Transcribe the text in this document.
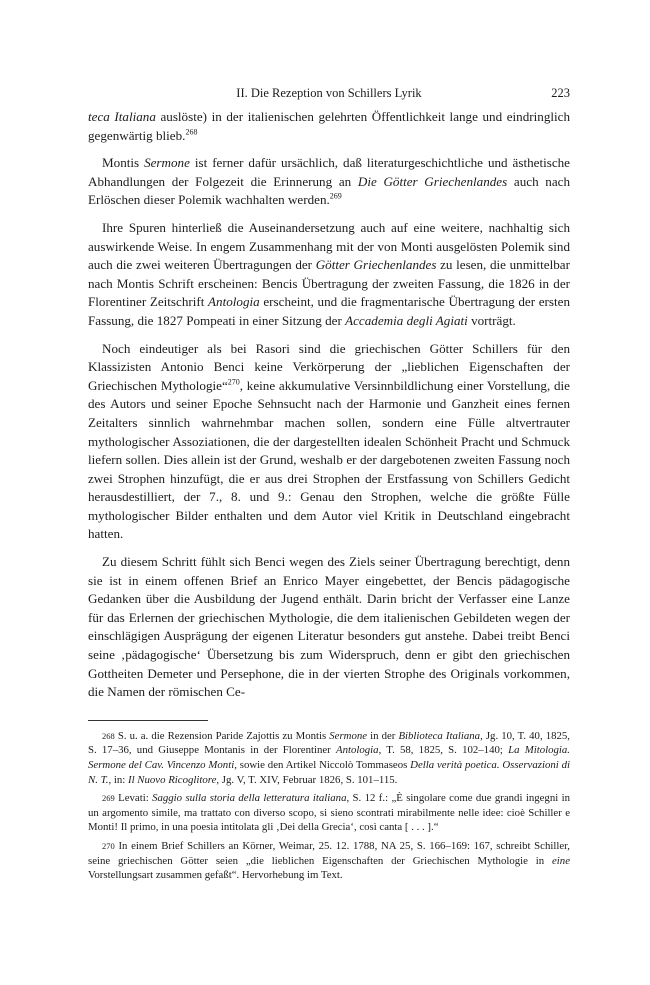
II. Die Rezeption von Schillers Lyrik	223

teca Italiana auslöste) in der italienischen gelehrten Öffentlichkeit lange und eindringlich gegenwärtig blieb.$^{268}$

Montis Sermone ist ferner dafür ursächlich, daß literaturgeschichtliche und ästhetische Abhandlungen der Folgezeit die Erinnerung an Die Götter Griechenlandes auch nach Erlöschen dieser Polemik wachhalten werden.$^{269}$

Ihre Spuren hinterließ die Auseinandersetzung auch auf eine weitere, nachhaltig sich auswirkende Weise. In engem Zusammenhang mit der von Monti ausgelösten Polemik sind auch die zwei weiteren Übertragungen der Götter Griechenlandes zu lesen, die unmittelbar nach Montis Schrift erscheinen: Bencis Übertragung der zweiten Fassung, die 1826 in der Florentiner Zeitschrift Antologia erscheint, und die fragmentarische Übertragung der ersten Fassung, die 1827 Pompeati in einer Sitzung der Accademia degli Agiati vorträgt.

Noch eindeutiger als bei Rasori sind die griechischen Götter Schillers für den Klassizisten Antonio Benci keine Verkörperung der „lieblichen Eigenschaften der Griechischen Mythologie“$^{270}$, keine akkumulative Versinnbildlichung einer Vorstellung, die des Autors und seiner Epoche Sehnsucht nach der Harmonie und Ganzheit eines fernen Zeitalters sinnlich wahrnehmbar machen sollen, sondern eine Fülle altvertrauter mythologischer Assoziationen, die der dargestellten idealen Schönheit Pracht und Schmuck liefern sollen. Dies allein ist der Grund, weshalb er der dargebotenen zweiten Fassung noch zwei Strophen hinzufügt, die er aus drei Strophen der Erstfassung von Schillers Gedicht herausdestilliert, der 7., 8. und 9.: Genau den Strophen, welche die größte Fülle mythologischer Bilder enthalten und dem Autor viel Kritik in Deutschland eingebracht hatten.

Zu diesem Schritt fühlt sich Benci wegen des Ziels seiner Übertragung berechtigt, denn sie ist in einem offenen Brief an Enrico Mayer eingebettet, der Bencis pädagogische Gedanken über die Ausbildung der Jugend enthält. Darin bricht der Verfasser eine Lanze für das Erlernen der griechischen Mythologie, die dem italienischen Gebildeten wegen der einschlägigen Ausprägung der eigenen Literatur besonders gut anstehe. Dabei treibt Benci seine ‚pädagogische‘ Übersetzung bis zum Widerspruch, denn er gibt den griechischen Gottheiten Demeter und Persephone, die in der vierten Strophe des Originals vorkommen, die Namen der römischen Ce-

268 S. u. a. die Rezension Paride Zajottis zu Montis Sermone in der Biblioteca Italiana, Jg. 10, T. 40, 1825, S. 17–36, und Giuseppe Montanis in der Florentiner Antologia, T. 58, 1825, S. 102–140; La Mitologia. Sermone del Cav. Vincenzo Monti, sowie den Artikel Niccolò Tommaseos Della verità poetica. Osservazioni di N. T., in: Il Nuovo Ricoglitore, Jg. V, T. XIV, Februar 1826, S. 101–115.

269 Levati: Saggio sulla storia della letteratura italiana, S. 12 f.: „È singolare come due grandi ingegni in un argomento simile, ma trattato con diverso scopo, si sieno scontrati mirabilmente nelle idee: cioè Schiller e Monti! Il primo, in una poesia intitolata gli ‚Dei della Grecia‘, così canta [ . . . ].“

270 In einem Brief Schillers an Körner, Weimar, 25. 12. 1788, NA 25, S. 166–169: 167, schreibt Schiller, seine griechischen Götter seien „die lieblichen Eigenschaften der Griechischen Mythologie in eine Vorstellungsart zusammen gefaßt“. Hervorhebung im Text.
